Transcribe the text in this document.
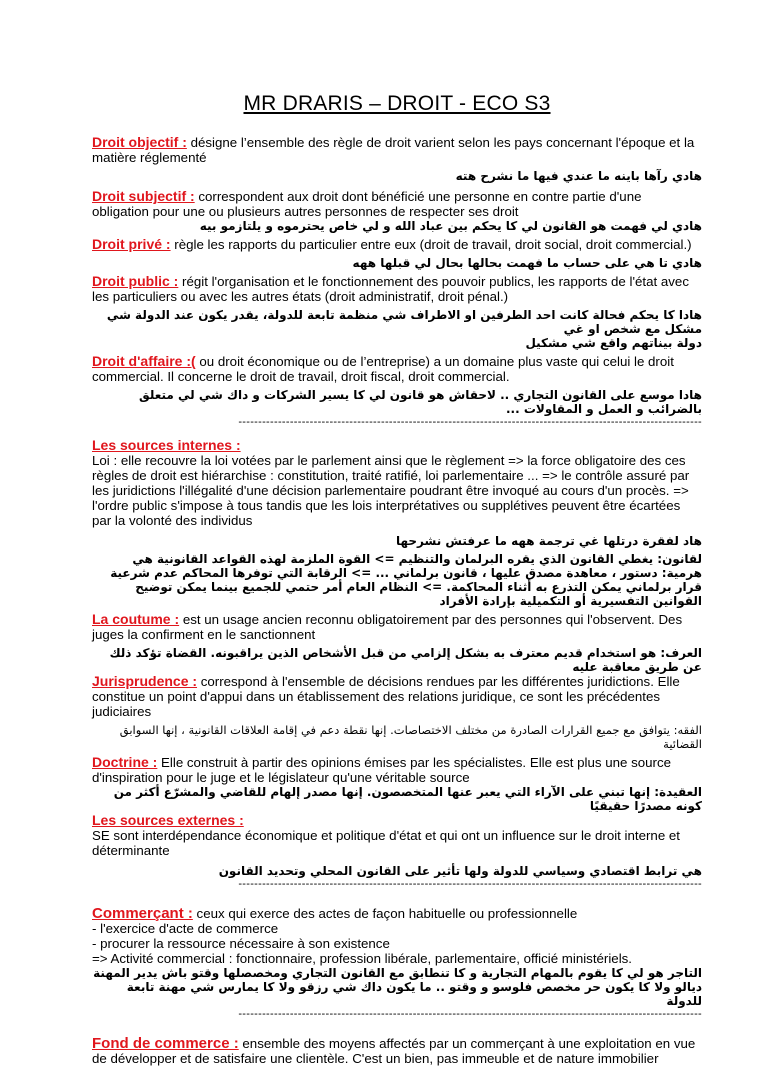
MR DRARIS – DROIT - ECO S3

Droit objectif : désigne l’ensemble des règle de droit varient selon les pays concernant l'époque et la matière réglementé

هادي رآها باينه ما عندي فيها ما نشرح هته

Droit subjectif : correspondent aux droit dont bénéficié une personne en contre partie d'une obligation pour une ou plusieurs autres personnes de respecter ses droit

هادي لي فهمت هو القانون لي كا يحكم بين عباد الله و لي خاص يحترموه و يلتازمو بيه

Droit privé : règle les rapports du particulier entre eux (droit de travail, droit social, droit commercial.)

هادي تا هي على حساب ما فهمت بحالها بحال لي قبلها ههه

Droit public : régit l'organisation et le fonctionnement des pouvoir publics, les rapports de l'état avec les particuliers ou avec les autres états (droit administratif, droit pénal.)

هادا كا يحكم فحالة كانت احد الطرفين او الاطراف شي منظمة تابعة للدولة، يقدر يكون عند الدولة شي مشكل مع شخص او غي

دولة بيناتهم واقع شي مشكيل

Droit d'affaire :( ou droit économique ou de l’entreprise) a un domaine plus vaste qui celui le droit commercial. Il concerne le droit de travail, droit fiscal, droit commercial.

هادا موسع على القانون التجاري .. لاحقاش هو قانون لي كا يسير الشركات و داك شي لي متعلق بالضرائب و العمل و المقاولات ...

---------------------------------------------------------------------------------------------------------------------

Les sources internes :

Loi : elle recouvre la loi votées par le parlement ainsi que le règlement => la force obligatoire des ces règles de droit est hiérarchise : constitution, traité ratifié, loi parlementaire ... => le contrôle assuré par les juridictions l'illégalité d'une décision parlementaire poudrant être invoqué au cours d'un procès. => l'ordre public s'impose à tous tandis que les lois interprétatives ou supplétives peuvent être écartées par la volonté des individus

هاد لفقرة درتلها غي ترجمة ههه ما عرفتش نشرحها

لقانون: يغطي القانون الذي يقره البرلمان والتنظيم => القوة الملزمة لهذه القواعد القانونية هي هرمية: دستور ، معاهدة مصدق عليها ، قانون برلماني ... => الرقابة التي توفرها المحاكم عدم شرعية قرار برلماني يمكن التذرع به أثناء المحاكمة. => النظام العام أمر حتمي للجميع بينما يمكن توضيح القوانين التفسيرية أو التكميلية بإرادة الأفراد

La coutume : est un usage ancien reconnu obligatoirement par des personnes qui l'observent. Des juges la confirment en le sanctionnent

العرف: هو استخدام قديم معترف به بشكل إلزامي من قبل الأشخاص الذين يراقبونه. القضاة تؤكد ذلك عن طريق معاقبة عليه

Jurisprudence : correspond à l'ensemble de décisions rendues par les différentes juridictions. Elle constitue un point d'appui dans un établissement des relations juridique, ce sont les précédentes judiciaires

الفقه: يتوافق مع جميع القرارات الصادرة من مختلف الاختصاصات. إنها نقطة دعم في إقامة العلاقات القانونية ، إنها السوابق القضائية

Doctrine : Elle construit à partir des opinions émises par les spécialistes. Elle est plus une source d'inspiration pour le juge et le législateur qu'une véritable source

العقيدة: إنها تبني على الآراء التي يعبر عنها المتخصصون. إنها مصدر إلهام للقاضي والمشرّع أكثر من كونه مصدرًا حقيقيًا

Les sources externes :

SE sont interdépendance économique et politique d'état et qui ont un influence sur le droit interne et déterminante

هي ترابط اقتصادي وسياسي للدولة ولها تأثير على القانون المحلي وتحديد القانون

---------------------------------------------------------------------------------------------------------------------

Commerçant : ceux qui exerce des actes de façon habituelle ou professionnelle

- l'exercice d'acte de commerce

- procurer la ressource nécessaire à son existence

=> Activité commercial : fonctionnaire, profession libérale, parlementaire, officié ministériels.

التاجر هو لي كا يقوم بالمهام التجارية و كا تنطابق مع القانون التجاري ومخصصلها وقتو باش يدير المهنة ديالو ولا كا يكون حر مخصص فلوسو و وقتو .. ما يكون داك شي رزقو ولا كا يمارس شي مهنة تابعة للدولة

---------------------------------------------------------------------------------------------------------------------

Fond de commerce : ensemble des moyens affectés par un commerçant à une exploitation en vue de développer et de satisfaire une clientèle. C'est un bien, pas immeuble et de nature immobilier
